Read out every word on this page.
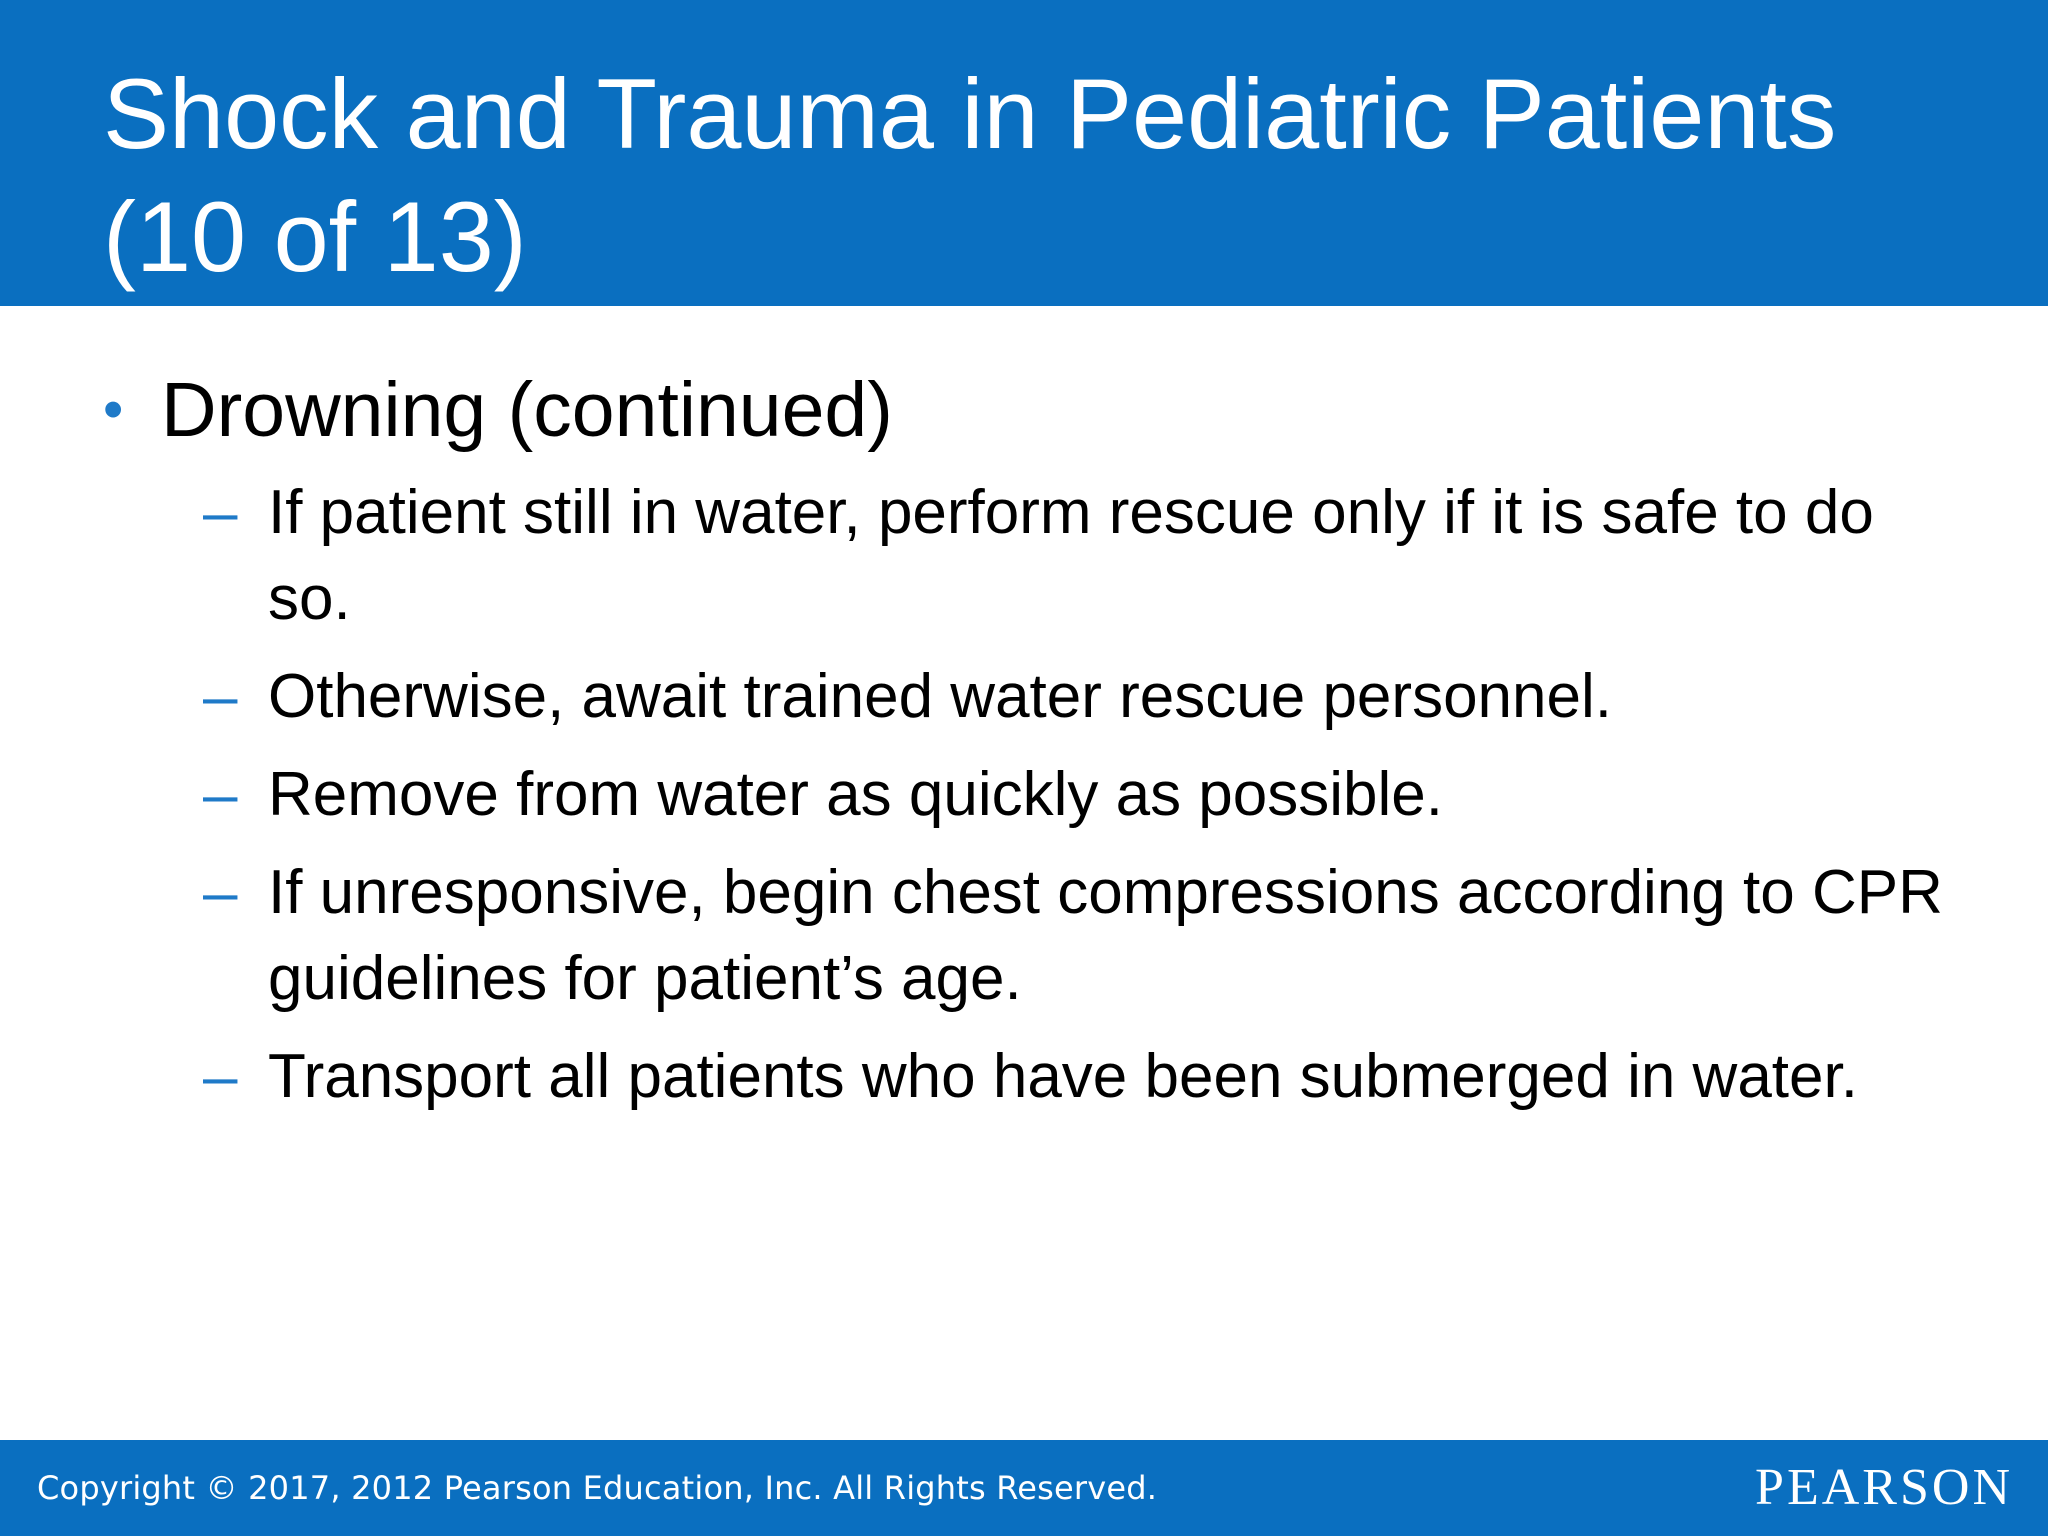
Shock and Trauma in Pediatric Patients (10 of 13)
• Drowning (continued)
– If patient still in water, perform rescue only if it is safe to do so.
– Otherwise, await trained water rescue personnel.
– Remove from water as quickly as possible.
– If unresponsive, begin chest compressions according to CPR guidelines for patient’s age.
– Transport all patients who have been submerged in water.
Copyright © 2017, 2012 Pearson Education, Inc. All Rights Reserved.	PEARSON
